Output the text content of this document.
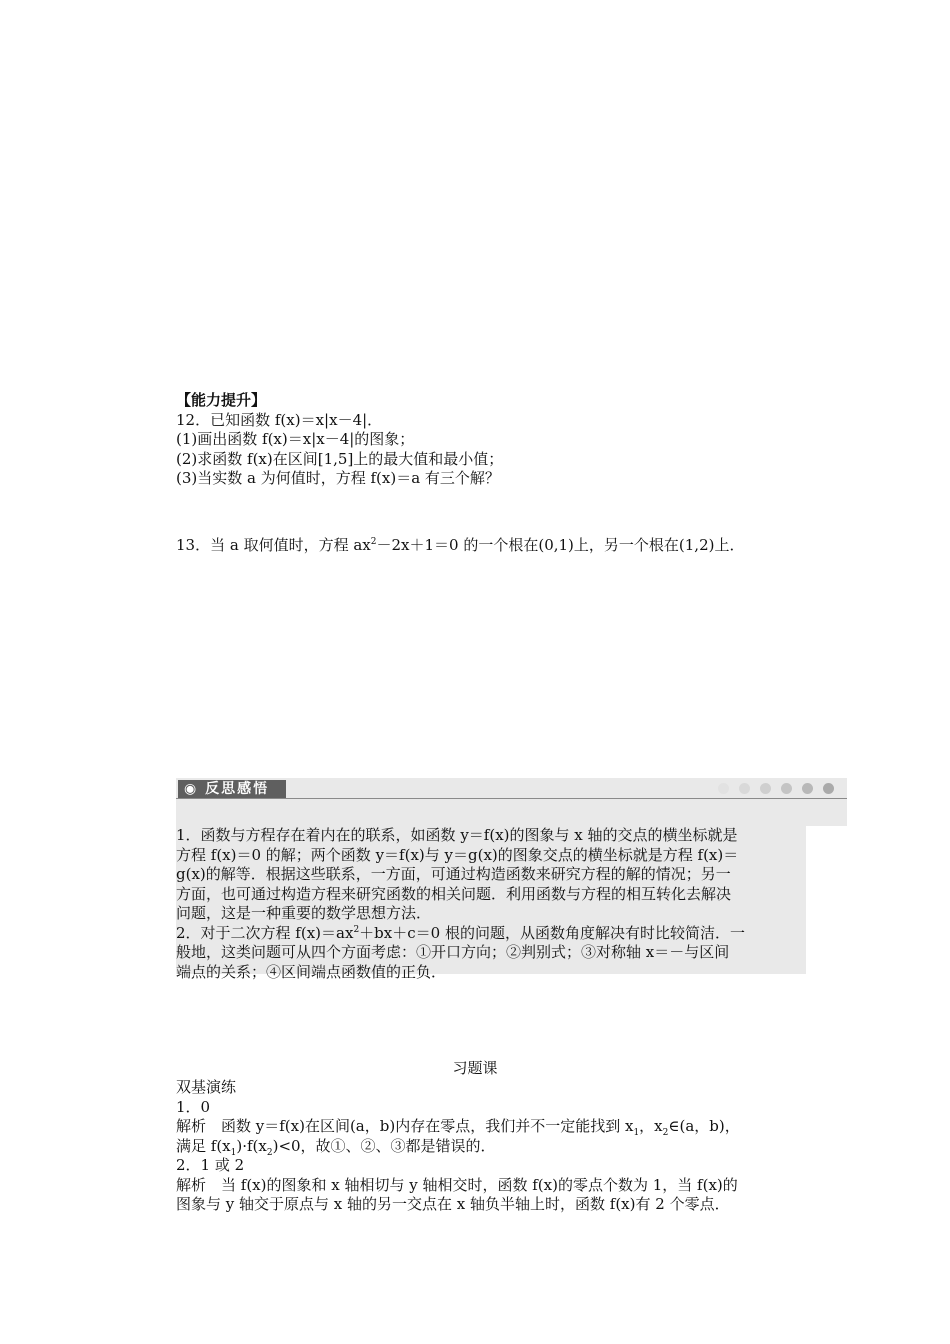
【能力提升】
12．已知函数 f(x)＝x|x－4|．
(1)画出函数 f(x)＝x|x－4|的图象；
(2)求函数 f(x)在区间[1,5]上的最大值和最小值；
(3)当实数 a 为何值时，方程 f(x)＝a 有三个解？
13．当 a 取何值时，方程 $ax^2-2x+1=0$ 的一个根在(0,1)上，另一个根在(1,2)上．
◉ 反思感悟
1．函数与方程存在着内在的联系，如函数 y＝f(x)的图象与 x 轴的交点的横坐标就是
方程 f(x)＝0 的解；两个函数 y＝f(x)与 y＝g(x)的图象交点的横坐标就是方程 f(x)＝
g(x)的解等．根据这些联系，一方面，可通过构造函数来研究方程的解的情况；另一
方面，也可通过构造方程来研究函数的相关问题．利用函数与方程的相互转化去解决
问题，这是一种重要的数学思想方法．
2．对于二次方程 $f(x)=ax^2+bx+c=0$ 根的问题，从函数角度解决有时比较简洁．一
般地，这类问题可从四个方面考虑：①开口方向；②判别式；③对称轴 x＝－与区间
端点的关系；④区间端点函数值的正负．
习题课
双基演练
1．0
解析　函数 y＝f(x)在区间(a，b)内存在零点，我们并不一定能找到 $x_1$，$x_2\in(a$，b)，
满足 $f(x_1)\cdot f(x_2)<0$，故①、②、③都是错误的．
2．1 或 2
解析　当 f(x)的图象和 x 轴相切与 y 轴相交时，函数 f(x)的零点个数为 1，当 f(x)的
图象与 y 轴交于原点与 x 轴的另一交点在 x 轴负半轴上时，函数 f(x)有 2 个零点．
